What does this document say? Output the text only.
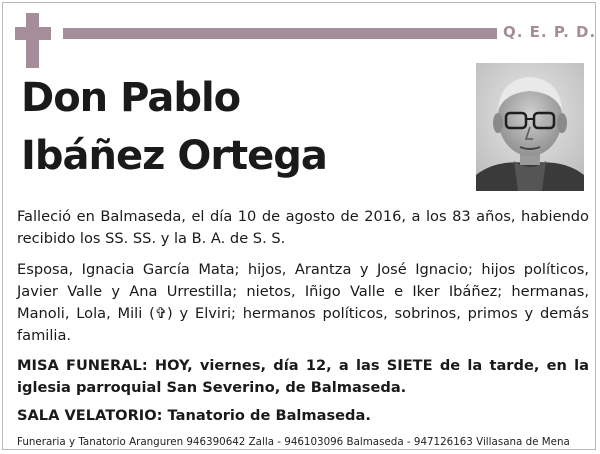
Q. E. P. D.
Don Pablo
Ibáñez Ortega

Falleció en Balmaseda, el día 10 de agosto de 2016, a los 83 años, habiendo recibido los SS. SS. y la B. A. de S. S.

Esposa, Ignacia García Mata; hijos, Arantza y José Ignacio; hijos políticos, Javier Valle y Ana Urrestilla; nietos, Iñigo Valle e Iker Ibáñez; hermanas, Manoli, Lola, Mili (✞) y Elviri; hermanos políticos, sobrinos, primos y demás familia.

MISA FUNERAL: HOY, viernes, día 12, a las SIETE de la tarde, en la iglesia parroquial San Severino, de Balmaseda.

SALA VELATORIO: Tanatorio de Balmaseda.

Funeraria y Tanatorio Aranguren 946390642 Zalla - 946103096 Balmaseda - 947126163 Villasana de Mena
